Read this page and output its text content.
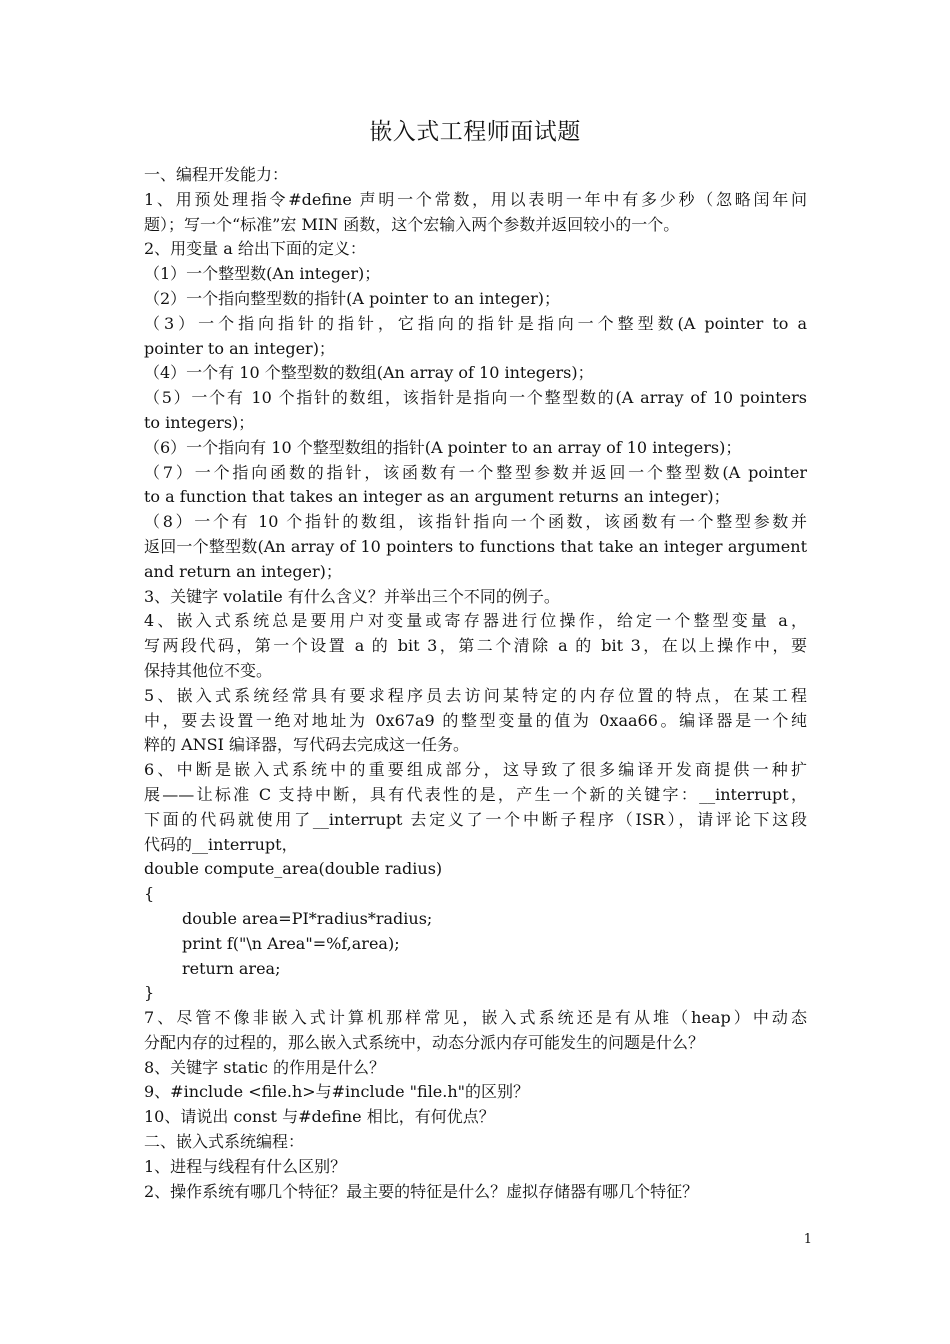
嵌入式工程师面试题
一、编程开发能力：
1、用预处理指令#define 声明一个常数，用以表明一年中有多少秒（忽略闰年问
题）；写一个“标准”宏 MIN 函数，这个宏输入两个参数并返回较小的一个。
2、用变量 a 给出下面的定义：
（1）一个整型数(An integer)；
（2）一个指向整型数的指针(A pointer to an integer)；
（3）一个指向指针的指针，它指向的指针是指向一个整型数(A pointer to a
pointer to an integer)；
（4）一个有 10 个整型数的数组(An array of 10 integers)；
（5）一个有 10 个指针的数组，该指针是指向一个整型数的(A array of 10 pointers
to integers)；
（6）一个指向有 10 个整型数组的指针(A pointer to an array of 10 integers)；
（7）一个指向函数的指针，该函数有一个整型参数并返回一个整型数(A pointer
to a function that takes an integer as an argument returns an integer)；
（8）一个有 10 个指针的数组，该指针指向一个函数，该函数有一个整型参数并
返回一个整型数(An array of 10 pointers to functions that take an integer argument
and return an integer)；
3、关键字 volatile 有什么含义？并举出三个不同的例子。
4、嵌入式系统总是要用户对变量或寄存器进行位操作，给定一个整型变量 a，
写两段代码，第一个设置 a 的 bit 3，第二个清除 a 的 bit 3，在以上操作中，要
保持其他位不变。
5、嵌入式系统经常具有要求程序员去访问某特定的内存位置的特点，在某工程
中，要去设置一绝对地址为 0x67a9 的整型变量的值为 0xaa66。编译器是一个纯
粹的 ANSI 编译器，写代码去完成这一任务。
6、中断是嵌入式系统中的重要组成部分，这导致了很多编译开发商提供一种扩
展——让标准 C 支持中断，具有代表性的是，产生一个新的关键字：__interrupt，
下面的代码就使用了__interrupt 去定义了一个中断子程序（ISR），请评论下这段
代码的__interrupt，
double compute_area(double radius)
{
double area=PI*radius*radius;
print f("\n Area"=%f,area);
return area;
}
7、尽管不像非嵌入式计算机那样常见，嵌入式系统还是有从堆（heap）中动态
分配内存的过程的，那么嵌入式系统中，动态分派内存可能发生的问题是什么？
8、关键字 static 的作用是什么？
9、#include <file.h>与#include "file.h"的区别？
10、请说出 const 与#define 相比，有何优点？
二、嵌入式系统编程：
1、进程与线程有什么区别？
2、操作系统有哪几个特征？最主要的特征是什么？虚拟存储器有哪几个特征？
1
